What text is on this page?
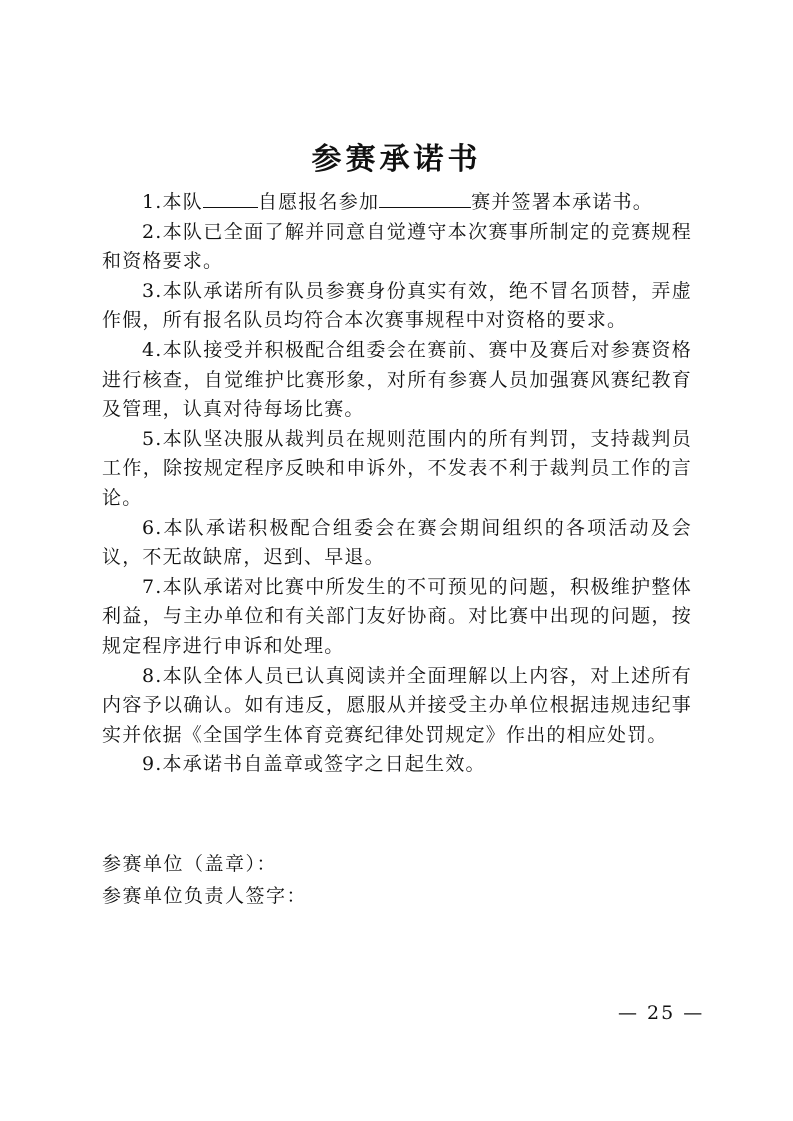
参赛承诺书

1.本队	自愿报名参加	赛并签署本承诺书。

2.本队已全面了解并同意自觉遵守本次赛事所制定的竞赛规程和资格要求。

3.本队承诺所有队员参赛身份真实有效，绝不冒名顶替，弄虚作假，所有报名队员均符合本次赛事规程中对资格的要求。

4.本队接受并积极配合组委会在赛前、赛中及赛后对参赛资格进行核查，自觉维护比赛形象，对所有参赛人员加强赛风赛纪教育及管理，认真对待每场比赛。

5.本队坚决服从裁判员在规则范围内的所有判罚，支持裁判员工作，除按规定程序反映和申诉外，不发表不利于裁判员工作的言论。

6.本队承诺积极配合组委会在赛会期间组织的各项活动及会议，不无故缺席，迟到、早退。

7.本队承诺对比赛中所发生的不可预见的问题，积极维护整体利益，与主办单位和有关部门友好协商。对比赛中出现的问题，按规定程序进行申诉和处理。

8.本队全体人员已认真阅读并全面理解以上内容，对上述所有内容予以确认。如有违反，愿服从并接受主办单位根据违规违纪事实并依据《全国学生体育竞赛纪律处罚规定》作出的相应处罚。

9.本承诺书自盖章或签字之日起生效。

参赛单位（盖章）：

参赛单位负责人签字：

— 25 —
